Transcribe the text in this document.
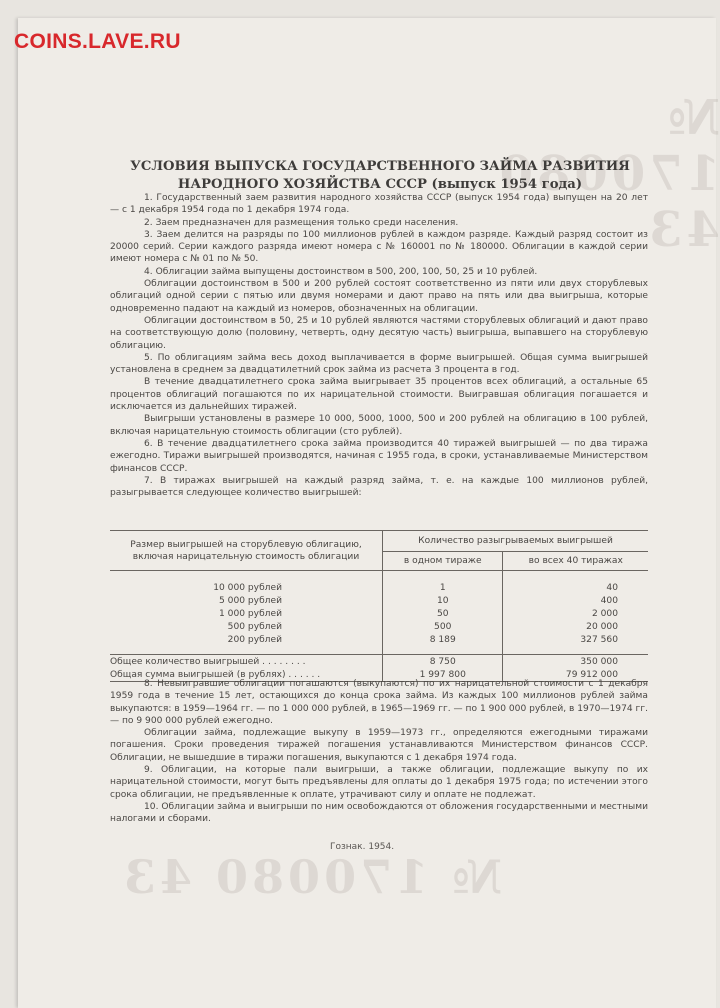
COINS.LAVE.RU
№ 170080 43
№ 170080 43
УСЛОВИЯ ВЫПУСКА ГОСУДАРСТВЕННОГО ЗАЙМА РАЗВИТИЯ
НАРОДНОГО ХОЗЯЙСТВА СССР (выпуск 1954 года)

1. Государственный заем развития народного хозяйства СССР (выпуск 1954 года) выпущен на 20 лет — с 1 декабря 1954 года по 1 декабря 1974 года.

2. Заем предназначен для размещения только среди населения.

3. Заем делится на разряды по 100 миллионов рублей в каждом разряде. Каждый разряд состоит из 20000 серий. Серии каждого разряда имеют номера с № 160001 по № 180000. Облигации в каждой серии имеют номера с № 01 по № 50.

4. Облигации займа выпущены достоинством в 500, 200, 100, 50, 25 и 10 рублей.

Облигации достоинством в 500 и 200 рублей состоят соответственно из пяти или двух сторублевых облигаций одной серии с пятью или двумя номерами и дают право на пять или два выигрыша, которые одновременно падают на каждый из номеров, обозначенных на облигации.

Облигации достоинством в 50, 25 и 10 рублей являются частями сторублевых облигаций и дают право на соответствующую долю (половину, четверть, одну десятую часть) выигрыша, выпавшего на сторублевую облигацию.

5. По облигациям займа весь доход выплачивается в форме выигрышей. Общая сумма выигрышей установлена в среднем за двадцатилетний срок займа из расчета 3 процента в год.

В течение двадцатилетнего срока займа выигрывает 35 процентов всех облигаций, а остальные 65 процентов облигаций погашаются по их нарицательной стоимости. Выигравшая облигация погашается и исключается из дальнейших тиражей.

Выигрыши установлены в размере 10 000, 5000, 1000, 500 и 200 рублей на облигацию в 100 рублей, включая нарицательную стоимость облигации (сто рублей).

6. В течение двадцатилетнего срока займа производится 40 тиражей выигрышей — по два тиража ежегодно. Тиражи выигрышей производятся, начиная с 1955 года, в сроки, устанавливаемые Министерством финансов СССР.

7. В тиражах выигрышей на каждый разряд займа, т. е. на каждые 100 миллионов рублей, разыгрывается следующее количество выигрышей:

Размер выигрышей на сторублевую облигацию, включая нарицательную стоимость облигации	Количество разыгрываемых выигрышей	
	в одном тираже	во всех 40 тиражах

10 000 рублей	1	40
5 000 рублей	10	400
1 000 рублей	50	2 000
500 рублей	500	20 000
200 рублей	8 189	327 560

Общее количество выигрышей . . . . . . . .	8 750	350 000
Общая сумма выигрышей (в рублях) . . . . . .	1 997 800	79 912 000

8. Невыигравшие облигации погашаются (выкупаются) по их нарицательной стоимости с 1 декабря 1959 года в течение 15 лет, остающихся до конца срока займа. Из каждых 100 миллионов рублей займа выкупаются: в 1959—1964 гг. — по 1 000 000 рублей, в 1965—1969 гг. — по 1 900 000 рублей, в 1970—1974 гг. — по 9 900 000 рублей ежегодно.

Облигации займа, подлежащие выкупу в 1959—1973 гг., определяются ежегодными тиражами погашения. Сроки проведения тиражей погашения устанавливаются Министерством финансов СССР. Облигации, не вышедшие в тиражи погашения, выкупаются с 1 декабря 1974 года.

9. Облигации, на которые пали выигрыши, а также облигации, подлежащие выкупу по их нарицательной стоимости, могут быть предъявлены для оплаты до 1 декабря 1975 года; по истечении этого срока облигации, не предъявленные к оплате, утрачивают силу и оплате не подлежат.

10. Облигации займа и выигрыши по ним освобождаются от обложения государственными и местными налогами и сборами.

Гознак. 1954.
